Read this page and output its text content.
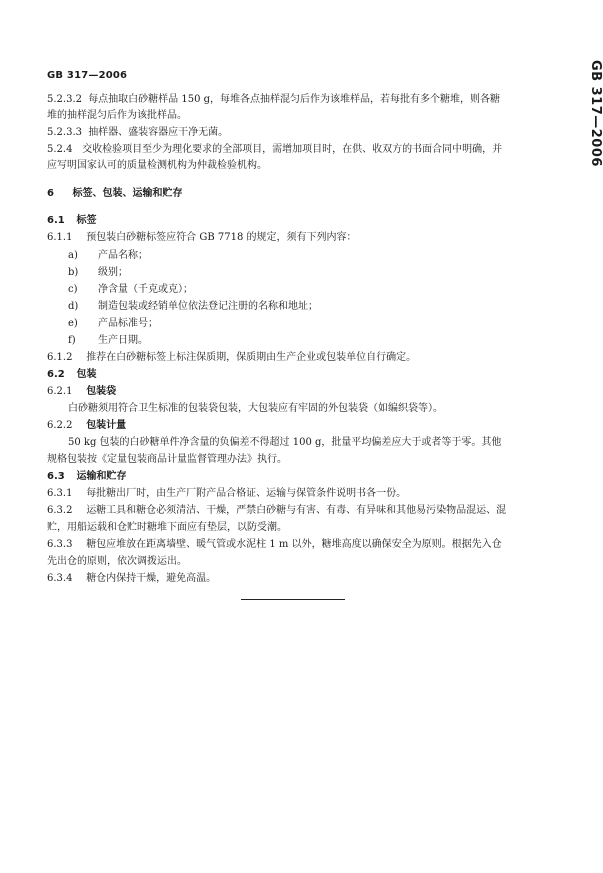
GB 317—2006	GB 317—2006
5.2.3.2 每点抽取白砂糖样品 150 g，每堆各点抽样混匀后作为该堆样品，若每批有多个糖堆，则各糖
堆的抽样混匀后作为该批样品。
5.2.3.3 抽样器、盛装容器应干净无菌。
5.2.4 交收检验项目至少为理化要求的全部项目，需增加项目时，在供、收双方的书面合同中明确，并
应写明国家认可的质量检测机构为仲裁检验机构。
6 标签、包装、运输和贮存
6.1 标签
6.1.1 预包装白砂糖标签应符合 GB 7718 的规定，须有下列内容：
a) 产品名称；
b) 级别；
c) 净含量（千克或克）；
d) 制造包装或经销单位依法登记注册的名称和地址；
e) 产品标准号；
f) 生产日期。
6.1.2 推荐在白砂糖标签上标注保质期，保质期由生产企业或包装单位自行确定。
6.2 包装
6.2.1 包装袋
白砂糖须用符合卫生标准的包装袋包装，大包装应有牢固的外包装袋（如编织袋等）。
6.2.2 包装计量
50 kg 包装的白砂糖单件净含量的负偏差不得超过 100 g，批量平均偏差应大于或者等于零。其他
规格包装按《定量包装商品计量监督管理办法》执行。
6.3 运输和贮存
6.3.1 每批糖出厂时，由生产厂附产品合格证、运输与保管条件说明书各一份。
6.3.2 运糖工具和糖仓必须清洁、干燥，严禁白砂糖与有害、有毒、有异味和其他易污染物品混运、混
贮，用船运载和仓贮时糖堆下面应有垫层，以防受潮。
6.3.3 糖包应堆放在距离墙壁、暖气管或水泥柱 1 m 以外，糖堆高度以确保安全为原则。根据先入仓
先出仓的原则，依次调拨运出。
6.3.4 糖仓内保持干燥，避免高温。
